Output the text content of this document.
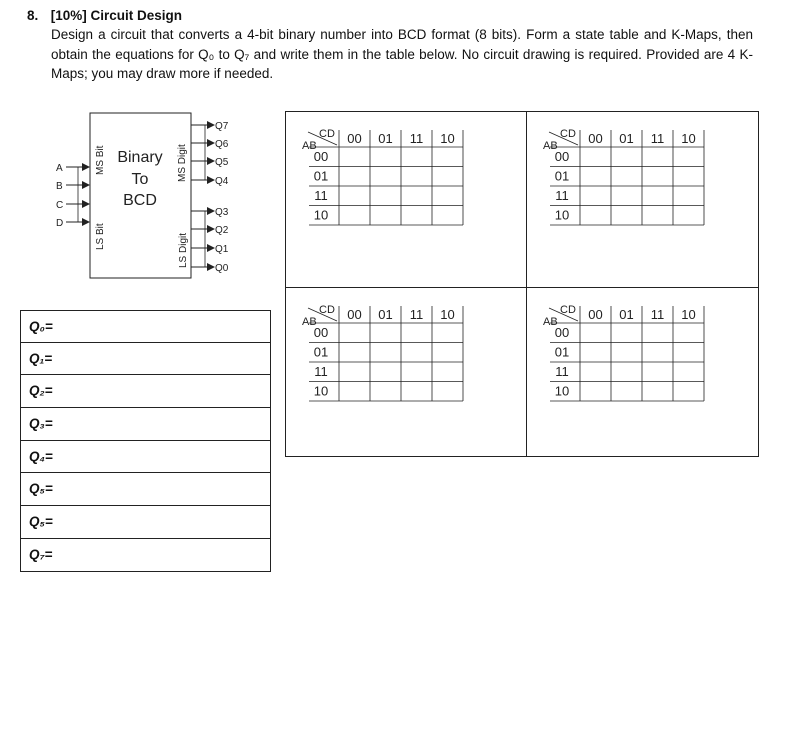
8. [10%] Circuit Design
Design a circuit that converts a 4-bit binary number into BCD format (8 bits). Form a state table and K-Maps, then obtain the equations for Q₀ to Q₇ and write them in the table below. No circuit drawing is required. Provided are 4 K-Maps; you may draw more if needed.
Binary
To
BCD
MS Bit
LS Bit
MS Digit
LS Digit
A
B
C
D
Q7
Q6
Q5
Q4
Q3
Q2
Q1
Q0
CD
AB 00 01 11 10
00
01
11
10
CD
AB 00 01 11 10
00
01
11
10
CD
AB 00 01 11 10
00
01
11
10
CD
AB 00 01 11 10
00
01
11
10
Q₀=
Q₁=
Q₂=
Q₃=
Q₄=
Q₅=
Q₅=
Q₇=
